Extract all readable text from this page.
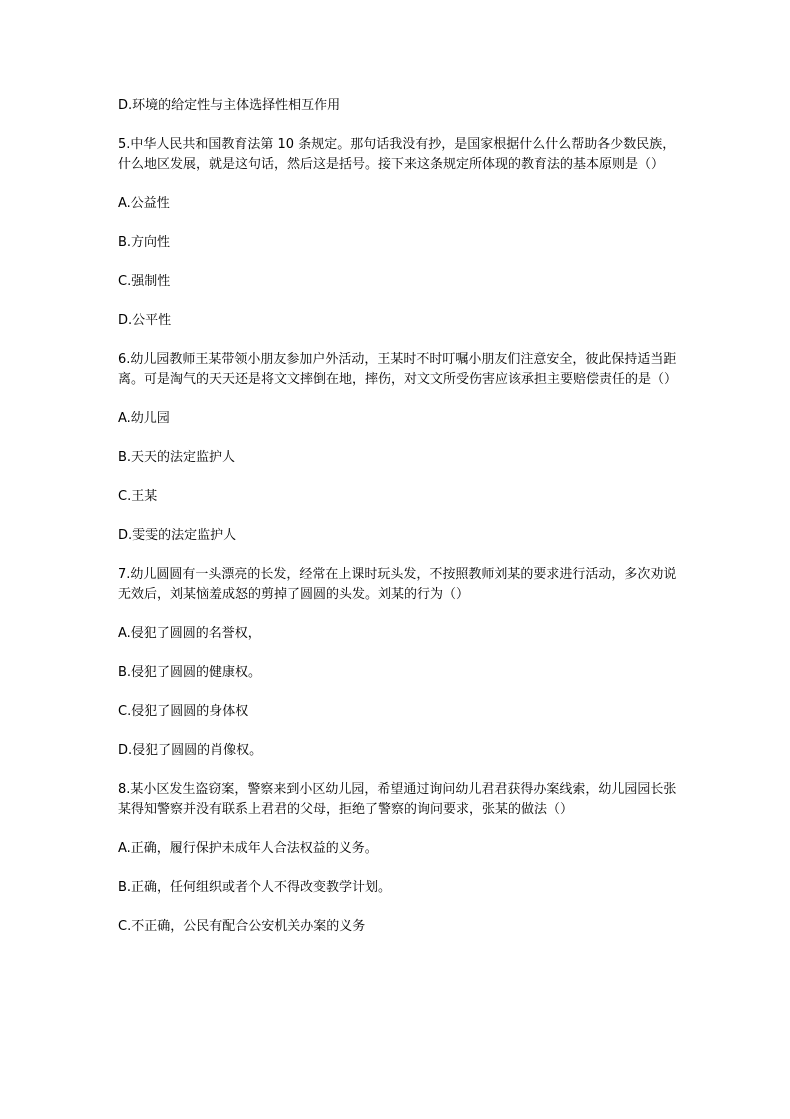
D.环境的给定性与主体选择性相互作用
5.中华人民共和国教育法第 10 条规定。那句话我没有抄，是国家根据什么什么帮助各少数民族，什么地区发展，就是这句话，然后这是括号。接下来这条规定所体现的教育法的基本原则是（）
A.公益性
B.方向性
C.强制性
D.公平性
6.幼儿园教师王某带领小朋友参加户外活动，王某时不时叮嘱小朋友们注意安全，彼此保持适当距离。可是淘气的天天还是将文文摔倒在地，摔伤，对文文所受伤害应该承担主要赔偿责任的是（）
A.幼儿园
B.天天的法定监护人
C.王某
D.雯雯的法定监护人
7.幼儿圆圆有一头漂亮的长发，经常在上课时玩头发，不按照教师刘某的要求进行活动，多次劝说无效后，刘某恼羞成怒的剪掉了圆圆的头发。刘某的行为（）
A.侵犯了圆圆的名誉权，
B.侵犯了圆圆的健康权。
C.侵犯了圆圆的身体权
D.侵犯了圆圆的肖像权。
8.某小区发生盗窃案，警察来到小区幼儿园，希望通过询问幼儿君君获得办案线索，幼儿园园长张某得知警察并没有联系上君君的父母，拒绝了警察的询问要求，张某的做法（）
A.正确，履行保护未成年人合法权益的义务。
B.正确，任何组织或者个人不得改变教学计划。
C.不正确，公民有配合公安机关办案的义务
